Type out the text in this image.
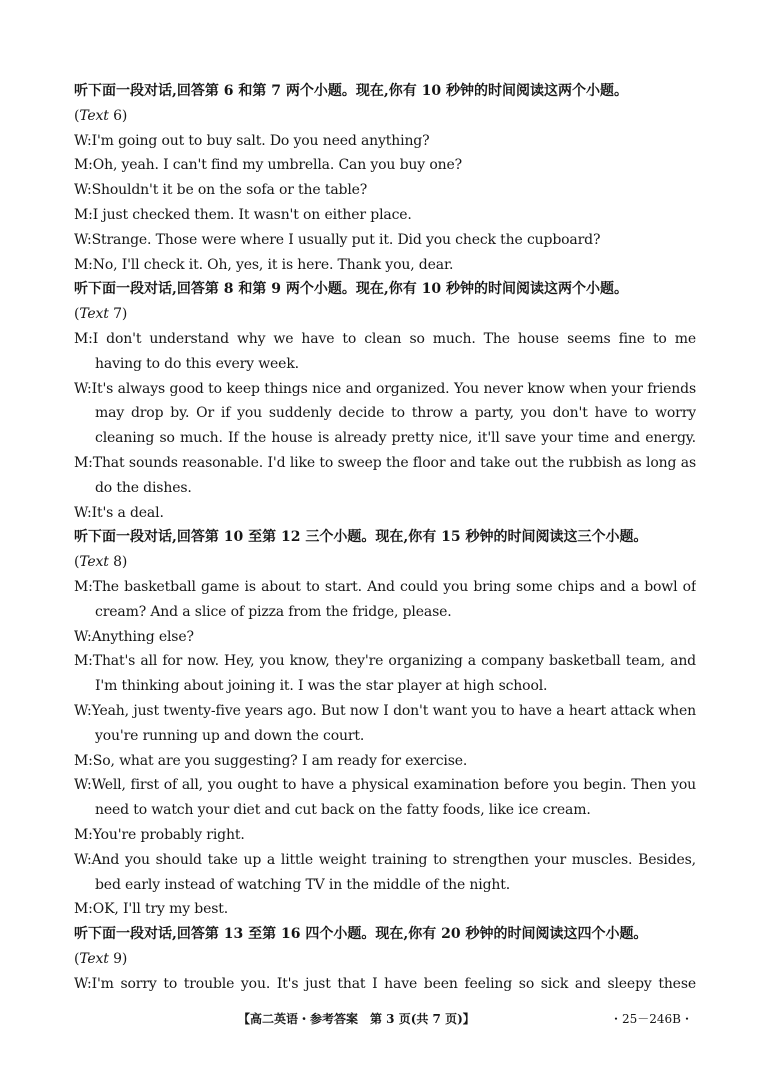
听下面一段对话,回答第 6 和第 7 两个小题。现在,你有 10 秒钟的时间阅读这两个小题。
(Text 6)
W:I'm going out to buy salt. Do you need anything?
M:Oh, yeah. I can't find my umbrella. Can you buy one?
W:Shouldn't it be on the sofa or the table?
M:I just checked them. It wasn't on either place.
W:Strange. Those were where I usually put it. Did you check the cupboard?
M:No, I'll check it. Oh, yes, it is here. Thank you, dear.
听下面一段对话,回答第 8 和第 9 两个小题。现在,你有 10 秒钟的时间阅读这两个小题。
(Text 7)
M:I don't understand why we have to clean so much. The house seems fine to me
having to do this every week.
W:It's always good to keep things nice and organized. You never know when your friends
may drop by. Or if you suddenly decide to throw a party, you don't have to worry
cleaning so much. If the house is already pretty nice, it'll save your time and energy.
M:That sounds reasonable. I'd like to sweep the floor and take out the rubbish as long as
do the dishes.
W:It's a deal.
听下面一段对话,回答第 10 至第 12 三个小题。现在,你有 15 秒钟的时间阅读这三个小题。
(Text 8)
M:The basketball game is about to start. And could you bring some chips and a bowl of
cream? And a slice of pizza from the fridge, please.
W:Anything else?
M:That's all for now. Hey, you know, they're organizing a company basketball team, and
I'm thinking about joining it. I was the star player at high school.
W:Yeah, just twenty-five years ago. But now I don't want you to have a heart attack when
you're running up and down the court.
M:So, what are you suggesting? I am ready for exercise.
W:Well, first of all, you ought to have a physical examination before you begin. Then you
need to watch your diet and cut back on the fatty foods, like ice cream.
M:You're probably right.
W:And you should take up a little weight training to strengthen your muscles. Besides,
bed early instead of watching TV in the middle of the night.
M:OK, I'll try my best.
听下面一段对话,回答第 13 至第 16 四个小题。现在,你有 20 秒钟的时间阅读这四个小题。
(Text 9)
W:I'm sorry to trouble you. It's just that I have been feeling so sick and sleepy these
【高二英语・参考答案　第 3 页(共 7 页)】	・25－246B・
